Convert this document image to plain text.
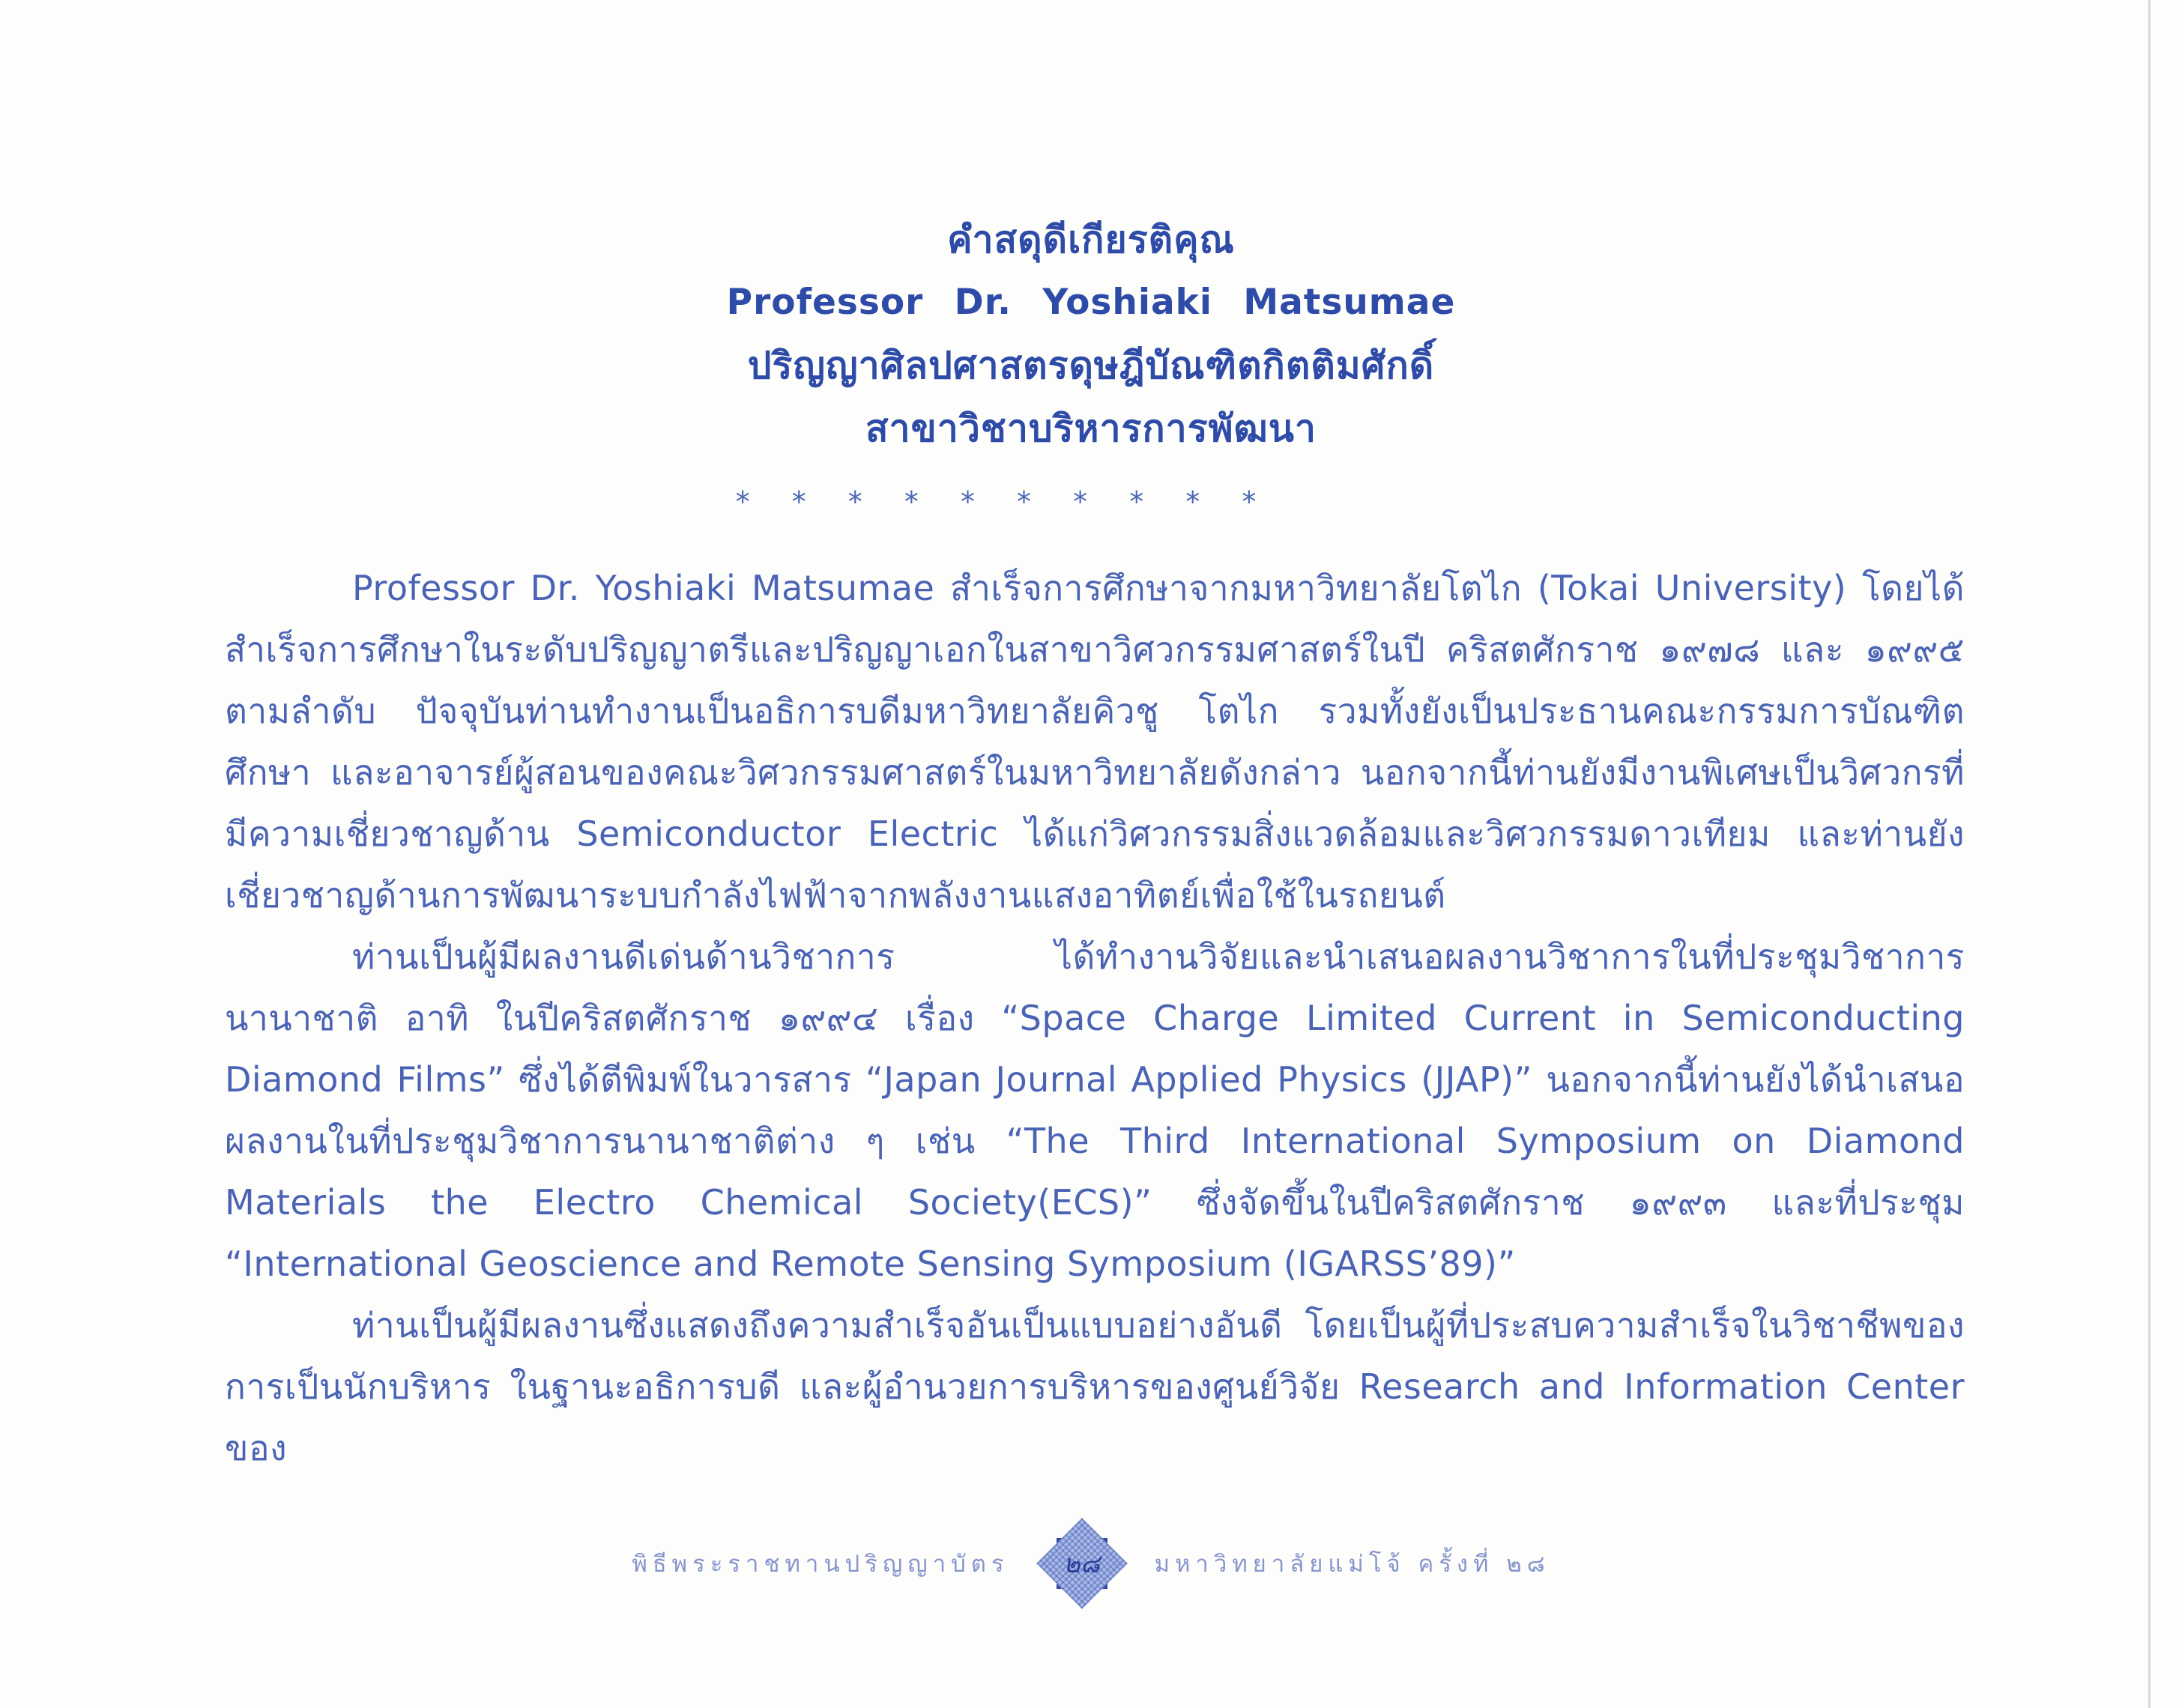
คำสดุดีเกียรติคุณ
Professor Dr. Yoshiaki Matsumae
ปริญญาศิลปศาสตรดุษฎีบัณฑิตกิตติมศักดิ์
สาขาวิชาบริหารการพัฒนา
* * * * * * * * * *

Professor Dr. Yoshiaki Matsumae สำเร็จการศึกษาจากมหาวิทยาลัยโตไก (Tokai University) โดยได้สำเร็จการศึกษาในระดับปริญญาตรีและปริญญาเอกในสาขาวิศวกรรมศาสตร์ในปี คริสตศักราช ๑๙๗๘ และ ๑๙๙๕ ตามลำดับ ปัจจุบันท่านทำงานเป็นอธิการบดีมหาวิทยาลัยคิวชู โตไก รวมทั้งยังเป็นประธานคณะกรรมการบัณฑิตศึกษา และอาจารย์ผู้สอนของคณะวิศวกรรมศาสตร์ในมหาวิทยาลัยดังกล่าว นอกจากนี้ท่านยังมีงานพิเศษเป็นวิศวกรที่มีความเชี่ยวชาญด้าน Semiconductor Electric ได้แก่วิศวกรรมสิ่งแวดล้อมและวิศวกรรมดาวเทียม และท่านยังเชี่ยวชาญด้านการพัฒนาระบบกำลังไฟฟ้าจากพลังงานแสงอาทิตย์เพื่อใช้ในรถยนต์

ท่านเป็นผู้มีผลงานดีเด่นด้านวิชาการ ได้ทำงานวิจัยและนำเสนอผลงานวิชาการในที่ประชุมวิชาการนานาชาติ อาทิ ในปีคริสตศักราช ๑๙๙๔ เรื่อง “Space Charge Limited Current in Semiconducting Diamond Films” ซึ่งได้ตีพิมพ์ในวารสาร “Japan Journal Applied Physics (JJAP)” นอกจากนี้ท่านยังได้นำเสนอผลงานในที่ประชุมวิชาการนานาชาติต่าง ๆ เช่น “The Third International Symposium on Diamond Materials the Electro Chemical Society(ECS)” ซึ่งจัดขึ้นในปีคริสตศักราช ๑๙๙๓ และที่ประชุม “International Geoscience and Remote Sensing Symposium (IGARSS’89)”

ท่านเป็นผู้มีผลงานซึ่งแสดงถึงความสำเร็จอันเป็นแบบอย่างอันดี โดยเป็นผู้ที่ประสบความสำเร็จในวิชาชีพของการเป็นนักบริหาร ในฐานะอธิการบดี และผู้อำนวยการบริหารของศูนย์วิจัย Research and Information Center ของ

พิธีพระราชทานปริญญาบัตร	๒๘	มหาวิทยาลัยแม่โจ้ ครั้งที่ ๒๘
